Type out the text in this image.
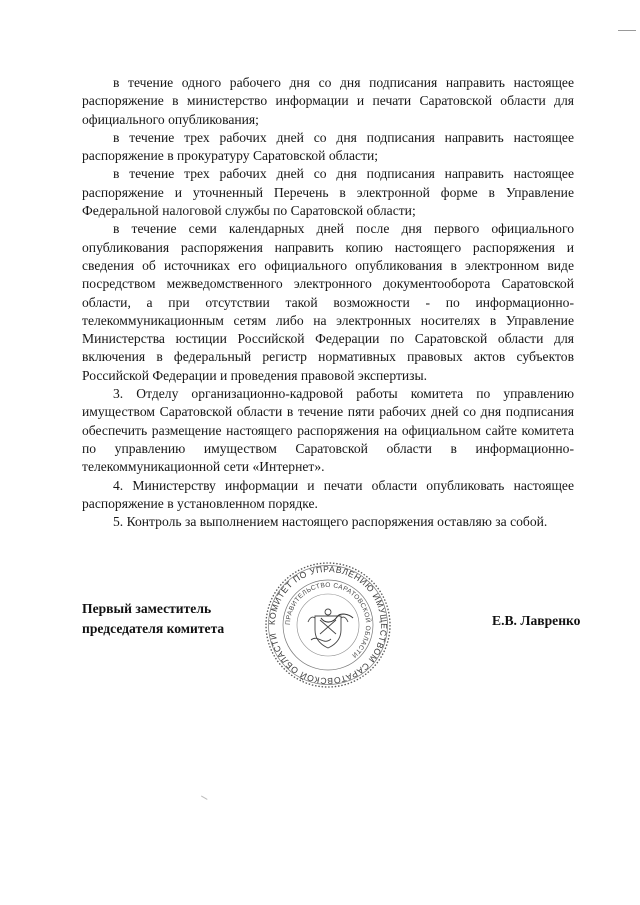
в течение одного рабочего дня со дня подписания направить настоящее распоряжение в министерство информации и печати Саратовской области для официального опубликования;

в течение трех рабочих дней со дня подписания направить настоящее распоряжение в прокуратуру Саратовской области;

в течение трех рабочих дней со дня подписания направить настоящее распоряжение и уточненный Перечень в электронной форме в Управление Федеральной налоговой службы по Саратовской области;

в течение семи календарных дней после дня первого официального опубликования распоряжения направить копию настоящего распоряжения и сведения об источниках его официального опубликования в электронном виде посредством межведомственного электронного документооборота Саратовской области, а при отсутствии такой возможности - по информационно-телекоммуникационным сетям либо на электронных носителях в Управление Министерства юстиции Российской Федерации по Саратовской области для включения в федеральный регистр нормативных правовых актов субъектов Российской Федерации и проведения правовой экспертизы.

3. Отделу организационно-кадровой работы комитета по управлению имуществом Саратовской области в течение пяти рабочих дней со дня подписания обеспечить размещение настоящего распоряжения на официальном сайте комитета по управлению имуществом Саратовской области в информационно-телекоммуникационной сети «Интернет».

4. Министерству информации и печати области опубликовать настоящее распоряжение в установленном порядке.

5. Контроль за выполнением настоящего распоряжения оставляю за собой.

Первый заместитель
председателя комитета	КОМИТЕТ ПО УПРАВЛЕНИЮ ИМУЩЕСТВОМ САРАТОВСКОЙ ОБЛАСТИ
ПРАВИТЕЛЬСТВО САРАТОВСКОЙ ОБЛАСТИ
Е.В. Лавренко
